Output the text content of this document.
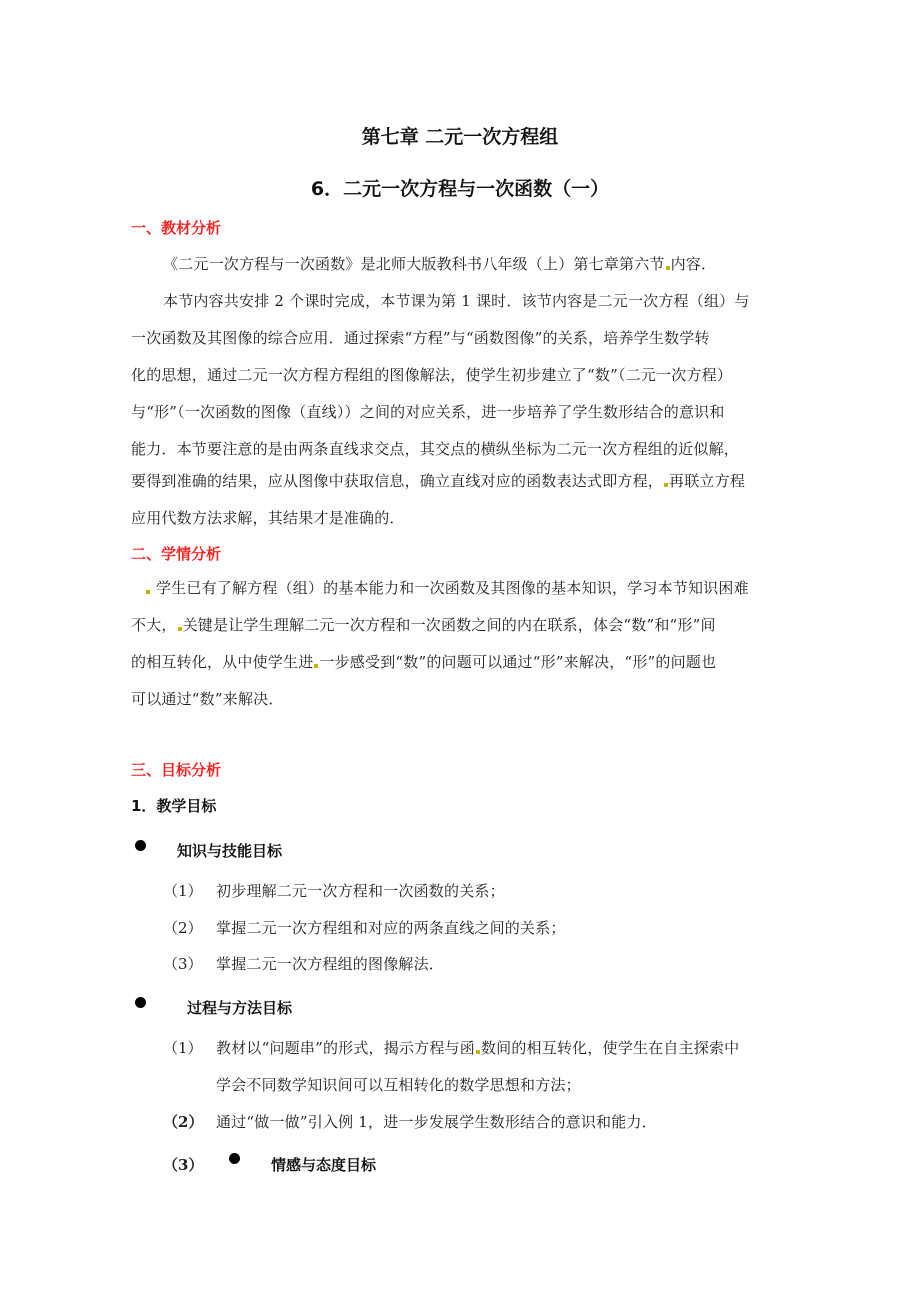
第七章 二元一次方程组
6．二元一次方程与一次函数（一）
一、教材分析
《二元一次方程与一次函数》是北师大版教科书八年级（上）第七章第六节 内容．
本节内容共安排 2 个课时完成，本节课为第 1 课时．该节内容是二元一次方程（组）与
一次函数及其图像的综合应用．通过探索“方程”与“函数图像”的关系，培养学生数学转
化的思想，通过二元一次方程方程组的图像解法，使学生初步建立了“数”（二元一次方程）
与“形”（一次函数的图像（直线））之间的对应关系，进一步培养了学生数形结合的意识和
能力．本节要注意的是由两条直线求交点，其交点的横纵坐标为二元一次方程组的近似解，
要得到准确的结果，应从图像中获取信息，确立直线对应的函数表达式即方程， 再联立方程
应用代数方法求解，其结果才是准确的．
二、学情分析
学生已有了解方程（组）的基本能力和一次函数及其图像的基本知识，学习本节知识困难
不大， 关键是让学生理解二元一次方程和一次函数之间的内在联系，体会“数”和“形”间
的相互转化，从中使学生进 一步感受到“数”的问题可以通过“形”来解决，“形”的问题也
可以通过“数”来解决．
三、目标分析
1．教学目标
知识与技能目标
（1） 初步理解二元一次方程和一次函数的关系；
（2） 掌握二元一次方程组和对应的两条直线之间的关系；
（3） 掌握二元一次方程组的图像解法．
过程与方法目标
（1） 教材以“问题串”的形式，揭示方程与函 数间的相互转化，使学生在自主探索中
学会不同数学知识间可以互相转化的数学思想和方法；
（2） 通过“做一做”引入例 1，进一步发展学生数形结合的意识和能力．
（3）	情感与态度目标
